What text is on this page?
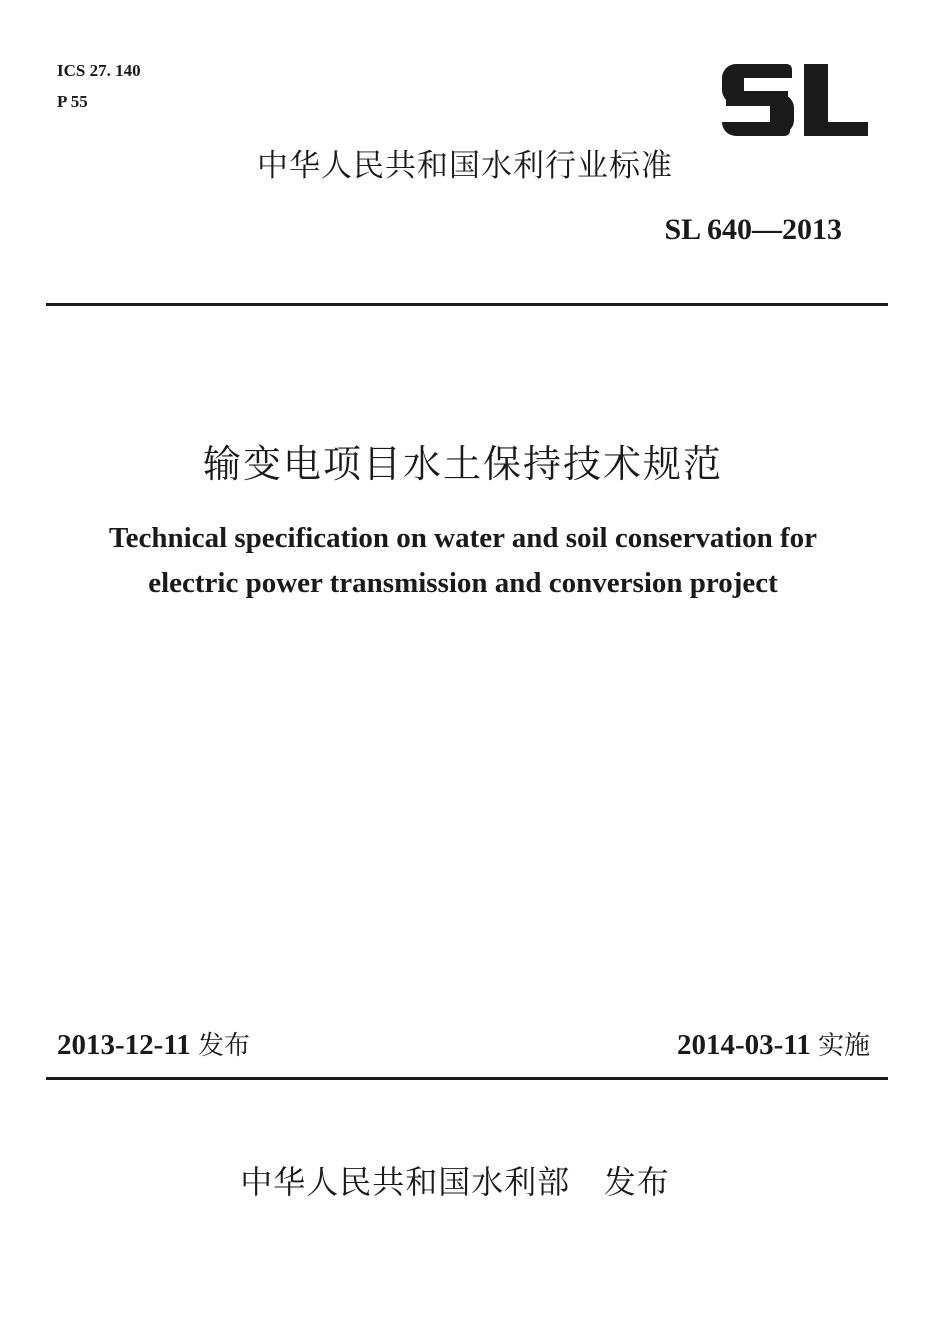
ICS 27. 140
P 55
中华人民共和国水利行业标准
SL 640—2013
输变电项目水土保持技术规范
Technical specification on water and soil conservation for
electric power transmission and conversion project
2013-12-11 发布	2014-03-11 实施
中华人民共和国水利部 发布
